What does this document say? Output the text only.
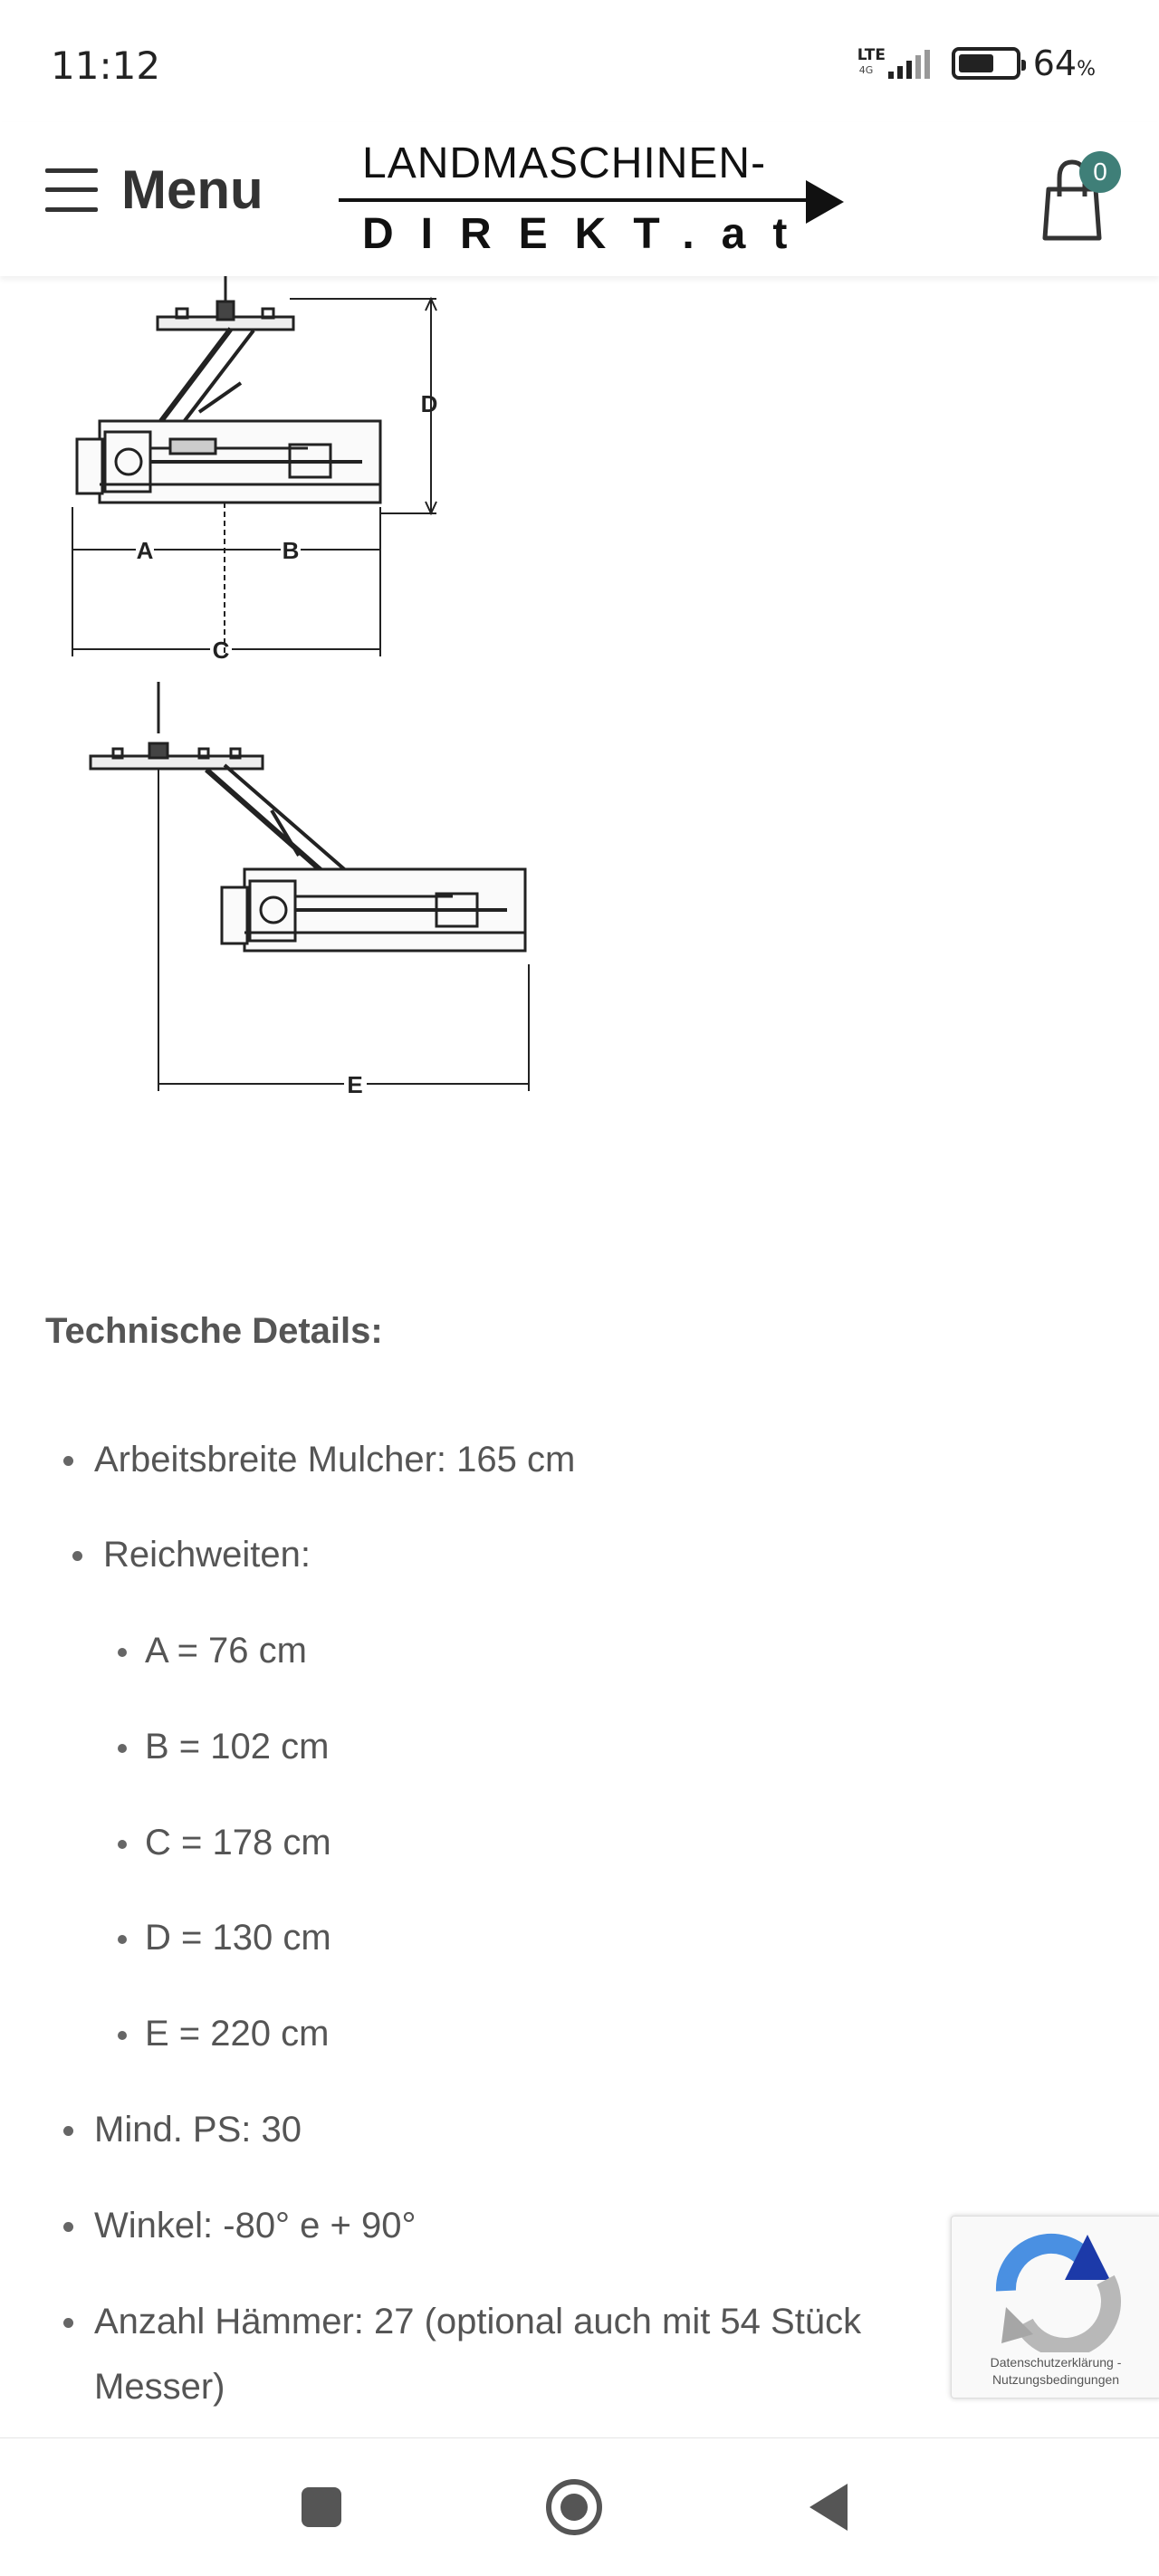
11:12	LTE
4G	64%
Menu LANDMASCHINEN-
DIREKT.at
0
D
A	B
C
E
Technische Details:
Arbeitsbreite Mulcher: 165 cm
Reichweiten:
A = 76 cm
B = 102 cm
C = 178 cm
D = 130 cm
E = 220 cm
Mind. PS: 30
Winkel: -80° e + 90°
Anzahl Hämmer: 27 (optional auch mit 54 Stück
Messer)
Datenschutzerklärung -
Nutzungsbedingungen
